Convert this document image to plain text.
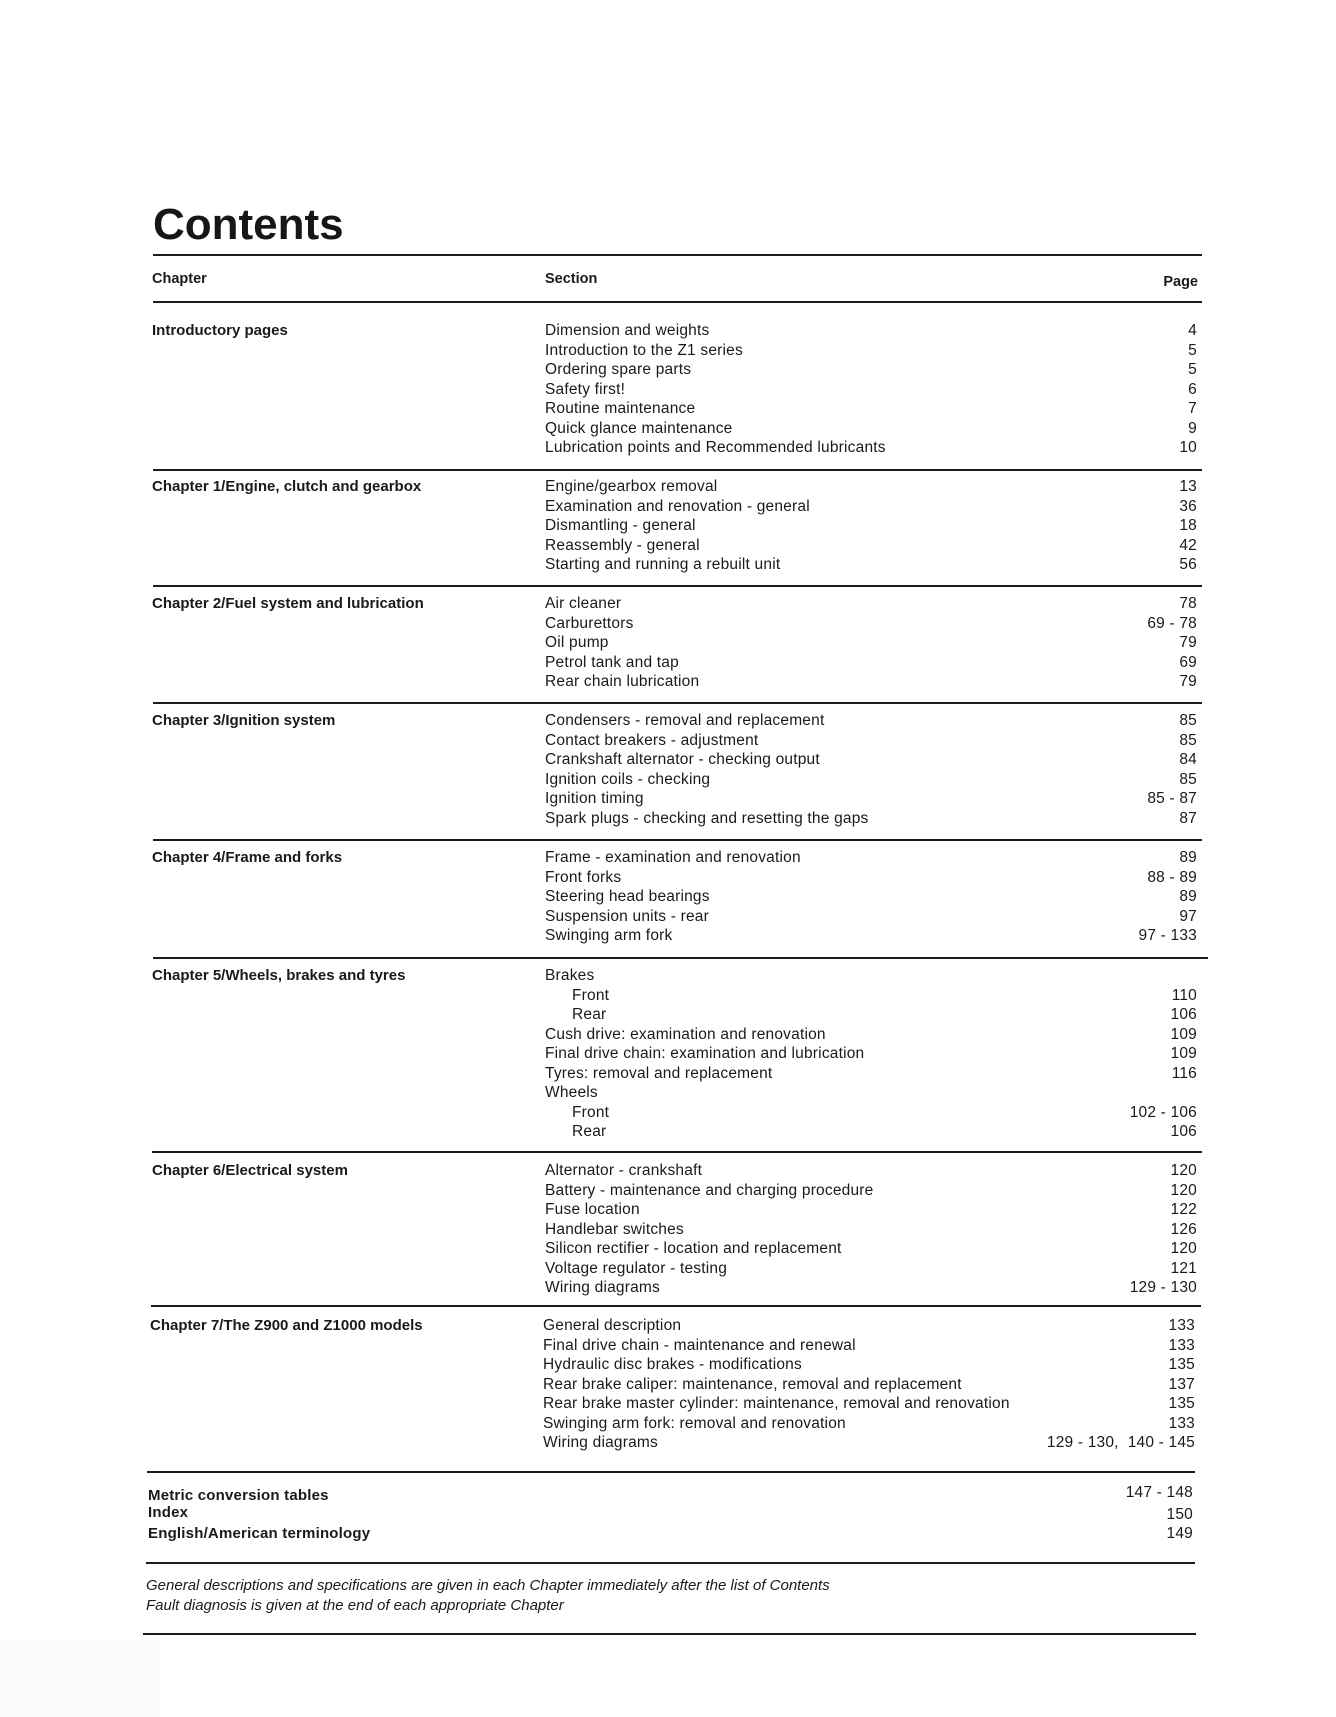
Contents
Chapter	Section	Page
Introductory pages	Dimension and weights	4
Introduction to the Z1 series	5
Ordering spare parts	5
Safety first!	6
Routine maintenance	7
Quick glance maintenance	9
Lubrication points and Recommended lubricants	10
Chapter 1/Engine, clutch and gearbox	Engine/gearbox removal	13
Examination and renovation - general	36
Dismantling - general	18
Reassembly - general	42
Starting and running a rebuilt unit	56
Chapter 2/Fuel system and lubrication	Air cleaner	78
Carburettors	69 - 78
Oil pump	79
Petrol tank and tap	69
Rear chain lubrication	79
Chapter 3/Ignition system	Condensers - removal and replacement	85
Contact breakers - adjustment	85
Crankshaft alternator - checking output	84
Ignition coils - checking	85
Ignition timing	85 - 87
Spark plugs - checking and resetting the gaps	87
Chapter 4/Frame and forks	Frame - examination and renovation	89
Front forks	88 - 89
Steering head bearings	89
Suspension units - rear	97
Swinging arm fork	97 - 133
Chapter 5/Wheels, brakes and tyres	Brakes
Front	110
Rear	106
Cush drive: examination and renovation	109
Final drive chain: examination and lubrication	109
Tyres: removal and replacement	116
Wheels
Front	102 - 106
Rear	106
Chapter 6/Electrical system	Alternator - crankshaft	120
Battery - maintenance and charging procedure	120
Fuse location	122
Handlebar switches	126
Silicon rectifier - location and replacement	120
Voltage regulator - testing	121
Wiring diagrams	129 - 130
Chapter 7/The Z900 and Z1000 models	General description	133
Final drive chain - maintenance and renewal	133
Hydraulic disc brakes - modifications	135
Rear brake caliper: maintenance, removal and replacement	137
Rear brake master cylinder: maintenance, removal and renovation	135
Swinging arm fork: removal and renovation	133
Wiring diagrams	129 - 130,  140 - 145
Metric conversion tables	147 - 148
Index	150
English/American terminology	149
General descriptions and specifications are given in each Chapter immediately after the list of Contents
Fault diagnosis is given at the end of each appropriate Chapter
